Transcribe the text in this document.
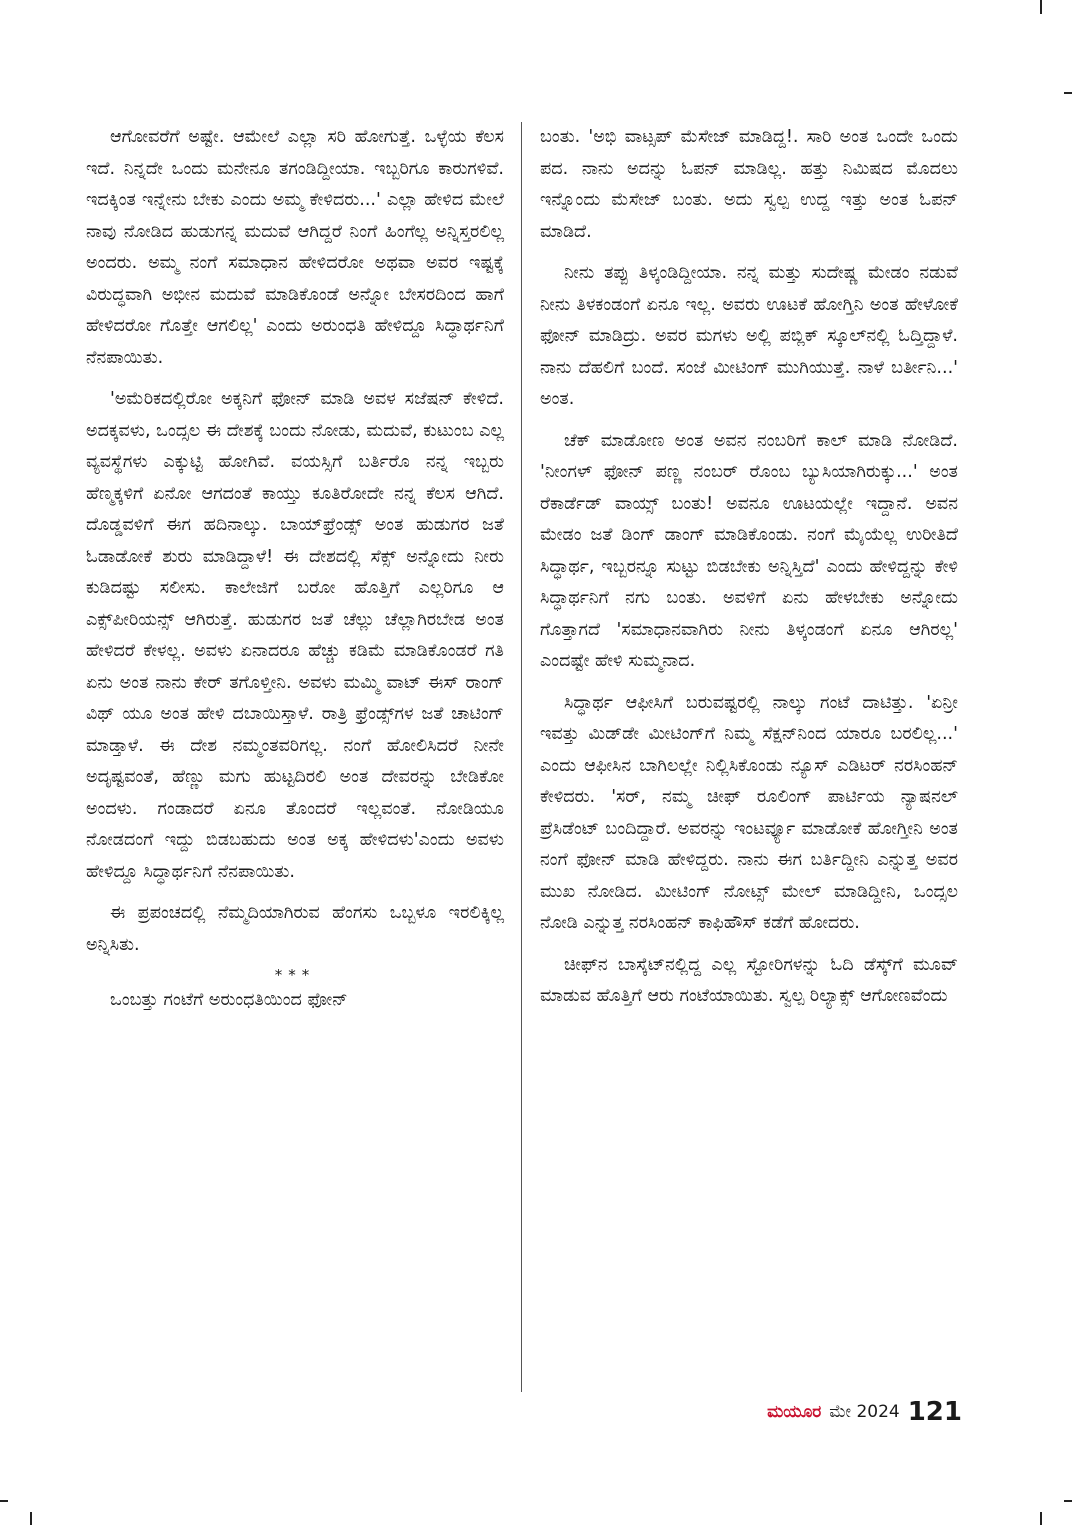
ಆಗೋವರೆಗೆ ಅಷ್ಟೇ. ಆಮೇಲೆ ಎಲ್ಲಾ ಸರಿ ಹೋಗುತ್ತೆ. ಒಳ್ಳೆಯ ಕೆಲಸ ಇದೆ. ನಿನ್ನದೇ ಒಂದು ಮನೇನೂ ತಗಂಡಿದ್ದೀಯಾ. ಇಬ್ಬರಿಗೂ ಕಾರುಗಳಿವೆ. ಇದಕ್ಕಿಂತ ಇನ್ನೇನು ಬೇಕು ಎಂದು ಅಮ್ಮ ಕೇಳಿದರು...' ಎಲ್ಲಾ ಹೇಳಿದ ಮೇಲೆ ನಾವು ನೋಡಿದ ಹುಡುಗನ್ನ ಮದುವೆ ಆಗಿದ್ದರೆ ನಿಂಗೆ ಹಿಂಗೆಲ್ಲ ಅನ್ನಿಸ್ತರಲಿಲ್ಲ ಅಂದರು. ಅಮ್ಮ ನಂಗೆ ಸಮಾಧಾನ ಹೇಳಿದರೋ ಅಥವಾ ಅವರ ಇಷ್ಟಕ್ಕೆ ವಿರುದ್ಧವಾಗಿ ಅಭೀನ ಮದುವೆ ಮಾಡಿಕೊಂಡೆ ಅನ್ನೋ ಬೇಸರದಿಂದ ಹಾಗೆ ಹೇಳಿದರೋ ಗೊತ್ತೇ ಆಗಲಿಲ್ಲ' ಎಂದು ಅರುಂಧತಿ ಹೇಳಿದ್ದೂ ಸಿದ್ಧಾರ್ಥನಿಗೆ ನೆನಪಾಯಿತು.

'ಅಮೆರಿಕದಲ್ಲಿರೋ ಅಕ್ಕನಿಗೆ ಫೋನ್ ಮಾಡಿ ಅವಳ ಸಜೆಷನ್ ಕೇಳಿದೆ. ಅದಕ್ಕವಳು, ಒಂದ್ಸಲ ಈ ದೇಶಕ್ಕೆ ಬಂದು ನೋಡು, ಮದುವೆ, ಕುಟುಂಬ ಎಲ್ಲ ವ್ಯವಸ್ಥೆಗಳು ಎಕ್ಕುಟ್ಟಿ ಹೋಗಿವೆ. ವಯಸ್ಸಿಗೆ ಬರ್ತಿರೊ ನನ್ನ ಇಬ್ಬರು ಹೆಣ್ಮಕ್ಕಳಿಗೆ ಏನೋ ಆಗದಂತೆ ಕಾಯ್ತು ಕೂತಿರೋದೇ ನನ್ನ ಕೆಲಸ ಆಗಿದೆ. ದೊಡ್ಡವಳಿಗೆ ಈಗ ಹದಿನಾಲ್ಕು. ಬಾಯ್‌ಫ್ರೆಂಡ್ಸ್ ಅಂತ ಹುಡುಗರ ಜತೆ ಓಡಾಡೋಕೆ ಶುರು ಮಾಡಿದ್ದಾಳೆ! ಈ ದೇಶದಲ್ಲಿ ಸೆಕ್ಸ್ ಅನ್ನೋದು ನೀರು ಕುಡಿದಷ್ಟು ಸಲೀಸು. ಕಾಲೇಜಿಗೆ ಬರೋ ಹೊತ್ತಿಗೆ ಎಲ್ಲರಿಗೂ ಆ ಎಕ್ಸ್‌ಪೀರಿಯನ್ಸ್ ಆಗಿರುತ್ತೆ. ಹುಡುಗರ ಜತೆ ಚೆಲ್ಲು ಚೆಲ್ಲಾಗಿರಬೇಡ ಅಂತ ಹೇಳಿದರೆ ಕೇಳಲ್ಲ. ಅವಳು ಏನಾದರೂ ಹೆಚ್ಚು ಕಡಿಮೆ ಮಾಡಿಕೊಂಡರೆ ಗತಿ ಏನು ಅಂತ ನಾನು ಕೇರ್ ತಗೊಳ್ತೀನಿ. ಅವಳು ಮಮ್ಮಿ ವಾಟ್ ಈಸ್ ರಾಂಗ್ ವಿಥ್ ಯೂ ಅಂತ ಹೇಳಿ ದಬಾಯಿಸ್ತಾಳೆ. ರಾತ್ರಿ ಫ್ರೆಂಡ್ಸ್‌ಗಳ ಜತೆ ಚಾಟಿಂಗ್ ಮಾಡ್ತಾಳೆ. ಈ ದೇಶ ನಮ್ಮಂತವರಿಗಲ್ಲ. ನಂಗೆ ಹೋಲಿಸಿದರೆ ನೀನೇ ಅದೃಷ್ಟವಂತೆ, ಹೆಣ್ಣು ಮಗು ಹುಟ್ಟದಿರಲಿ ಅಂತ ದೇವರನ್ನು ಬೇಡಿಕೋ ಅಂದಳು. ಗಂಡಾದರೆ ಏನೂ ತೊಂದರೆ ಇಲ್ಲವಂತೆ. ನೋಡಿಯೂ ನೋಡದಂಗೆ ಇದ್ದು ಬಿಡಬಹುದು ಅಂತ ಅಕ್ಕ ಹೇಳಿದಳು'ಎಂದು ಅವಳು ಹೇಳಿದ್ದೂ ಸಿದ್ಧಾರ್ಥನಿಗೆ ನೆನಪಾಯಿತು.

ಈ ಪ್ರಪಂಚದಲ್ಲಿ ನೆಮ್ಮದಿಯಾಗಿರುವ ಹೆಂಗಸು ಒಬ್ಬಳೂ ಇರಲಿಕ್ಕಿಲ್ಲ ಅನ್ನಿಸಿತು.

***

ಒಂಬತ್ತು ಗಂಟೆಗೆ ಅರುಂಧತಿಯಿಂದ ಫೋನ್

ಬಂತು. 'ಅಭಿ ವಾಟ್ಸಪ್ ಮೆಸೇಜ್ ಮಾಡಿದ್ದ!. ಸಾರಿ ಅಂತ ಒಂದೇ ಒಂದು ಪದ. ನಾನು ಅದನ್ನು ಓಪನ್ ಮಾಡಿಲ್ಲ. ಹತ್ತು ನಿಮಿಷದ ಮೊದಲು ಇನ್ನೊಂದು ಮೆಸೇಜ್ ಬಂತು. ಅದು ಸ್ವಲ್ಪ ಉದ್ದ ಇತ್ತು ಅಂತ ಓಪನ್ ಮಾಡಿದೆ.

ನೀನು ತಪ್ಪು ತಿಳ್ಕಂಡಿದ್ದೀಯಾ. ನನ್ನ ಮತ್ತು ಸುದೇಷ್ಣ ಮೇಡಂ ನಡುವೆ ನೀನು ತಿಳಕಂಡಂಗೆ ಏನೂ ಇಲ್ಲ. ಅವರು ಊಟಕೆ ಹೋಗ್ತಿನಿ ಅಂತ ಹೇಳೋಕೆ ಫೋನ್ ಮಾಡಿದ್ರು. ಅವರ ಮಗಳು ಅಲ್ಲಿ ಪಬ್ಲಿಕ್ ಸ್ಕೂಲ್‌ನಲ್ಲಿ ಓದ್ತಿದ್ದಾಳೆ. ನಾನು ದೆಹಲಿಗೆ ಬಂದೆ. ಸಂಜೆ ಮೀಟಿಂಗ್ ಮುಗಿಯುತ್ತೆ. ನಾಳೆ ಬರ್ತೀನಿ...' ಅಂತ.

ಚೆಕ್ ಮಾಡೋಣ ಅಂತ ಅವನ ನಂಬರಿಗೆ ಕಾಲ್ ಮಾಡಿ ನೋಡಿದೆ. 'ನೀಂಗಳ್ ಫೋನ್ ಪಣ್ಣ ನಂಬರ್ ರೊಂಬ ಬ್ಯುಸಿಯಾಗಿರುಕ್ಕು...' ಅಂತ ರೆಕಾರ್ಡೆಡ್ ವಾಯ್ಸ್ ಬಂತು! ಅವನೂ ಊಟಯಲ್ಲೇ ಇದ್ದಾನೆ. ಅವನ ಮೇಡಂ ಜತೆ ಡಿಂಗ್ ಡಾಂಗ್ ಮಾಡಿಕೊಂಡು. ನಂಗೆ ಮೈಯೆಲ್ಲ ಉರೀತಿದೆ ಸಿದ್ಧಾರ್ಥ, ಇಬ್ಬರನ್ನೂ ಸುಟ್ಟು ಬಿಡಬೇಕು ಅನ್ನಿಸ್ತಿದೆ' ಎಂದು ಹೇಳಿದ್ದನ್ನು ಕೇಳಿ ಸಿದ್ಧಾರ್ಥನಿಗೆ ನಗು ಬಂತು. ಅವಳಿಗೆ ಏನು ಹೇಳಬೇಕು ಅನ್ನೋದು ಗೊತ್ತಾಗದೆ 'ಸಮಾಧಾನವಾಗಿರು ನೀನು ತಿಳ್ಕಂಡಂಗೆ ಏನೂ ಆಗಿರಲ್ಲ' ಎಂದಷ್ಟೇ ಹೇಳಿ ಸುಮ್ಮನಾದ.

ಸಿದ್ಧಾರ್ಥ ಆಫೀಸಿಗೆ ಬರುವಷ್ಟರಲ್ಲಿ ನಾಲ್ಕು ಗಂಟೆ ದಾಟಿತ್ತು. 'ಏನ್ರೀ ಇವತ್ತು ಮಿಡ್‌ಡೇ ಮೀಟಿಂಗ್‌ಗೆ ನಿಮ್ಮ ಸೆಕ್ಷನ್‌ನಿಂದ ಯಾರೂ ಬರಲಿಲ್ಲ...' ಎಂದು ಆಫೀಸಿನ ಬಾಗಿಲಲ್ಲೇ ನಿಲ್ಲಿಸಿಕೊಂಡು ನ್ಯೂಸ್ ಎಡಿಟರ್ ನರಸಿಂಹನ್ ಕೇಳಿದರು. 'ಸರ್, ನಮ್ಮ ಚೀಫ್ ರೂಲಿಂಗ್ ಪಾರ್ಟಿಯ ನ್ಯಾಷನಲ್ ಪ್ರೆಸಿಡೆಂಟ್ ಬಂದಿದ್ದಾರೆ. ಅವರನ್ನು ಇಂಟರ್ವ್ಯೂ ಮಾಡೋಕೆ ಹೋಗ್ತೀನಿ ಅಂತ ನಂಗೆ ಫೋನ್ ಮಾಡಿ ಹೇಳಿದ್ದರು. ನಾನು ಈಗ ಬರ್ತಿದ್ದೀನಿ ಎನ್ನುತ್ತ ಅವರ ಮುಖ ನೋಡಿದ. ಮೀಟಿಂಗ್ ನೋಟ್ಸ್ ಮೇಲ್ ಮಾಡಿದ್ದೀನಿ, ಒಂದ್ಸಲ ನೋಡಿ ಎನ್ನುತ್ತ ನರಸಿಂಹನ್ ಕಾಫಿಹೌಸ್ ಕಡೆಗೆ ಹೋದರು.

ಚೀಫ್‌ನ ಬಾಸ್ಕೆಟ್‌ನಲ್ಲಿದ್ದ ಎಲ್ಲ ಸ್ಟೋರಿಗಳನ್ನು ಓದಿ ಡೆಸ್ಕ್‌ಗೆ ಮೂವ್ ಮಾಡುವ ಹೊತ್ತಿಗೆ ಆರು ಗಂಟೆಯಾಯಿತು. ಸ್ವಲ್ಪ ರಿಲ್ಯಾಕ್ಸ್ ಆಗೋಣವೆಂದು

ಮಯೂರ ಮೇ 2024 121
